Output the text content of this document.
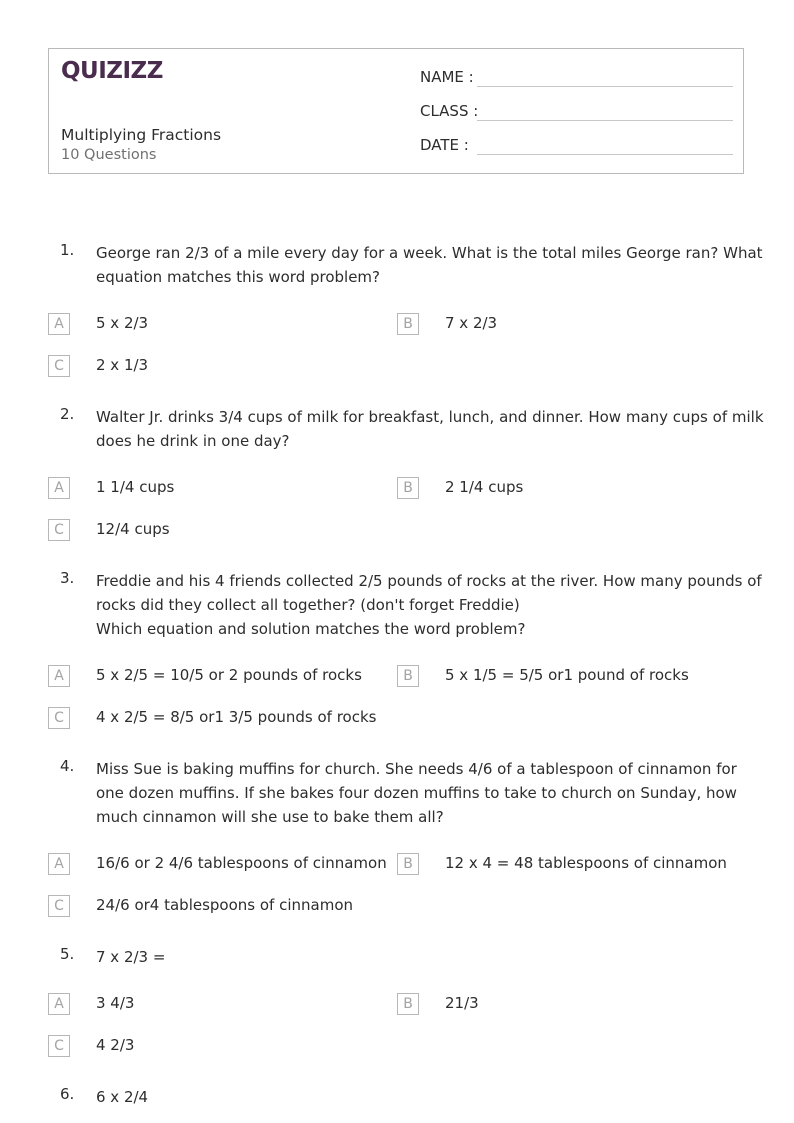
QUIZIZZ
Multiplying Fractions
10 Questions
NAME :
CLASS :
DATE :
1. George ran 2/3 of a mile every day for a week. What is the total miles George ran? What
equation matches this word problem?
A	5 x 2/3	B	7 x 2/3
C	2 x 1/3
2. Walter Jr. drinks 3/4 cups of milk for breakfast, lunch, and dinner. How many cups of milk
does he drink in one day?
A	1 1/4 cups	B	2 1/4 cups
C	12/4 cups
3. Freddie and his 4 friends collected 2/5 pounds of rocks at the river. How many pounds of
rocks did they collect all together? (don't forget Freddie)
Which equation and solution matches the word problem?
A	5 x 2/5 = 10/5 or 2 pounds of rocks	B	5 x 1/5 = 5/5 or1 pound of rocks
C	4 x 2/5 = 8/5 or1 3/5 pounds of rocks
4. Miss Sue is baking muffins for church. She needs 4/6 of a tablespoon of cinnamon for
one dozen muffins. If she bakes four dozen muffins to take to church on Sunday, how
much cinnamon will she use to bake them all?
A	16/6 or 2 4/6 tablespoons of cinnamon	B	12 x 4 = 48 tablespoons of cinnamon
C	24/6 or4 tablespoons of cinnamon
5. 7 x 2/3 =
A	3 4/3	B	21/3
C	4 2/3
6. 6 x 2/4
